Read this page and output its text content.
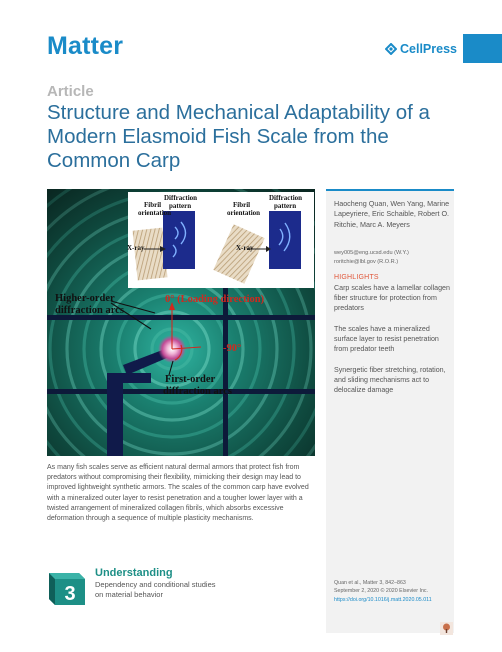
Matter	CellPress
Article
Structure and Mechanical Adaptability of a Modern Elasmoid Fish Scale from the Common Carp
Fibril
orientation
Diffraction
pattern
X-ray
Fibril
orientation
Diffraction
pattern
X-ray
Higher-order
diffraction arcs
0° (Loading direction)
-90°
First-order
diffraction arcs

As many fish scales serve as efficient natural dermal armors that protect fish from predators without compromising their flexibility, mimicking their design may lead to improved lightweight synthetic armors. The scales of the common carp have evolved with a mineralized outer layer to resist penetration and a tougher lower layer with a twisted arrangement of mineralized collagen fibrils, which absorbs excessive deformation through a sequence of multiple plasticity mechanisms.

Haocheng Quan, Wen Yang, Marine Lapeyriere, Eric Schaible, Robert O. Ritchie, Marc A. Meyers
wey005@eng.ucsd.edu (W.Y.)
roritchie@lbl.gov (R.O.R.)
HIGHLIGHTS
Carp scales have a lamellar collagen fiber structure for protection from predators
The scales have a mineralized surface layer to resist penetration from predator teeth
Synergetic fiber stretching, rotation, and sliding mechanisms act to delocalize damage
Quan et al., Matter 3, 842–863
September 2, 2020 © 2020 Elsevier Inc.
https://doi.org/10.1016/j.matt.2020.05.011
3
Understanding
Dependency and conditional studies
on material behavior
